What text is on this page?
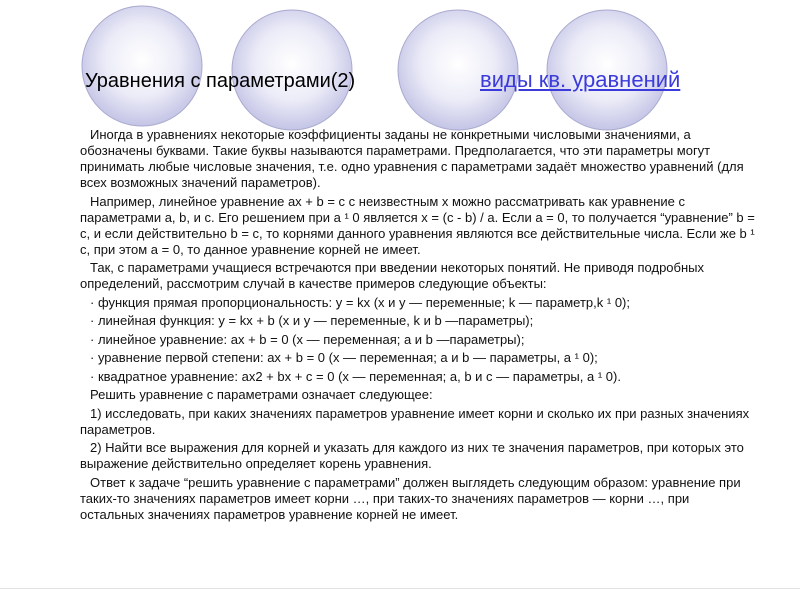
Уравнения с параметрами(2)	виды кв. уравнений

Иногда в уравнениях некоторые коэффициенты заданы не конкретными числовыми значениями, а обозначены буквами. Такие буквы называются параметрами. Предполагается, что эти параметры могут принимать любые числовые значения, т.е. одно уравнения с параметрами задаёт множество уравнений (для всех возможных значений параметров).

Например, линейное уравнение ax + b = c с неизвестным x можно рассматривать как уравнение с параметрами a, b, и c. Его решением при a ¹ 0 является x = (c - b) / a. Если a = 0, то получается “уравнение” b = c, и если действительно b = c, то корнями данного уравнения являются все действительные числа. Если же b ¹ c, при этом a = 0, то данное уравнение корней не имеет.

Так, с параметрами учащиеся встречаются при введении некоторых понятий. Не приводя подробных определений, рассмотрим случай в качестве примеров следующие объекты:

· функция прямая пропорциональность: y = kx (x и y — переменные; k — параметр,k ¹ 0);

· линейная функция: y = kx + b (x и y — переменные, k и b —параметры);

· линейное уравнение: ax + b = 0 (x — переменная; a и b —параметры);

· уравнение первой степени: ax + b = 0 (x — переменная; a и b — параметры, a ¹ 0);

· квадратное уравнение: ax2 + bx + c = 0 (x — переменная; a, b и c — параметры, a ¹ 0).

Решить уравнение с параметрами означает следующее:

1) исследовать, при каких значениях параметров уравнение имеет корни и сколько их при разных значениях параметров.

2) Найти все выражения для корней и указать для каждого из них те значения параметров, при которых это выражение действительно определяет корень уравнения.

Ответ к задаче “решить уравнение с параметрами” должен выглядеть следующим образом: уравнение при таких-то значениях параметров имеет корни …, при таких-то значениях параметров — корни …, при остальных значениях параметров уравнение корней не имеет.
